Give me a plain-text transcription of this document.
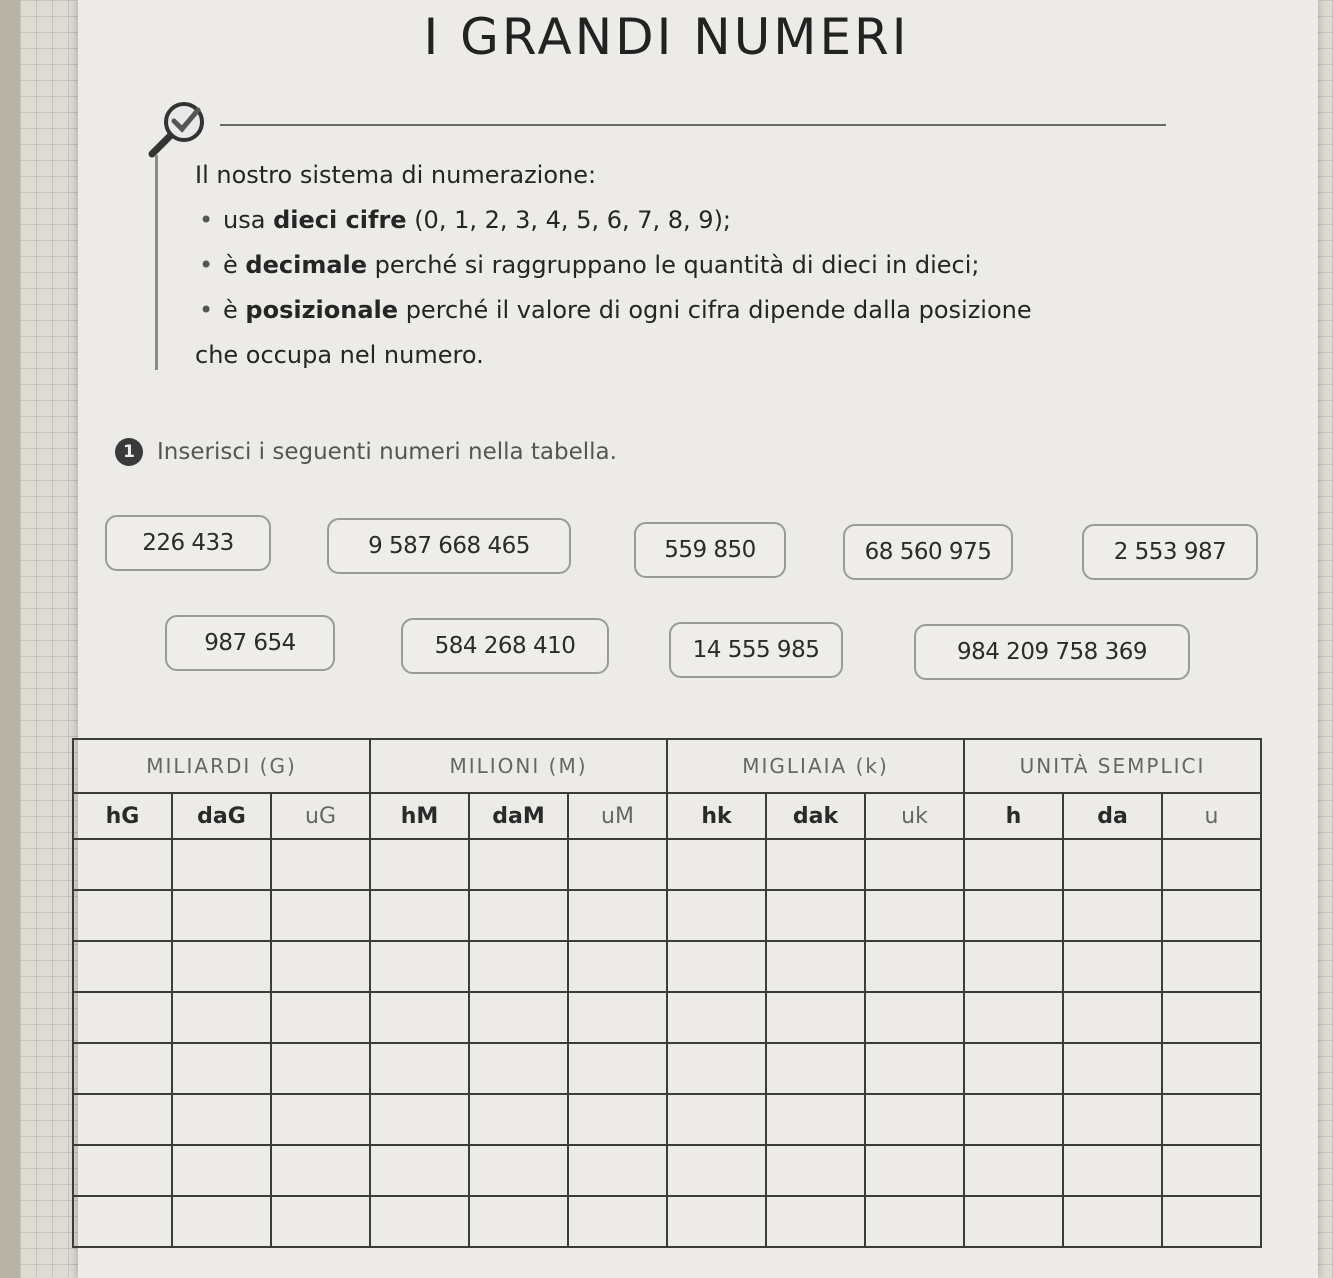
I GRANDI NUMERI

Il nostro sistema di numerazione:

• usa dieci cifre (0, 1, 2, 3, 4, 5, 6, 7, 8, 9);

• è decimale perché si raggruppano le quantità di dieci in dieci;

• è posizionale perché il valore di ogni cifra dipende dalla posizione

che occupa nel numero.

1 Inserisci i seguenti numeri nella tabella.
226 433	9 587 668 465	559 850	68 560 975	2 553 987
987 654	584 268 410	14 555 985	984 209 758 369
MILIARDI (G)			MILIONI (M)			MIGLIAIA (k)			UNITÀ SEMPLICI		
hG	daG	uG	hM	daM	uM	hk	dak	uk	h	da	u
